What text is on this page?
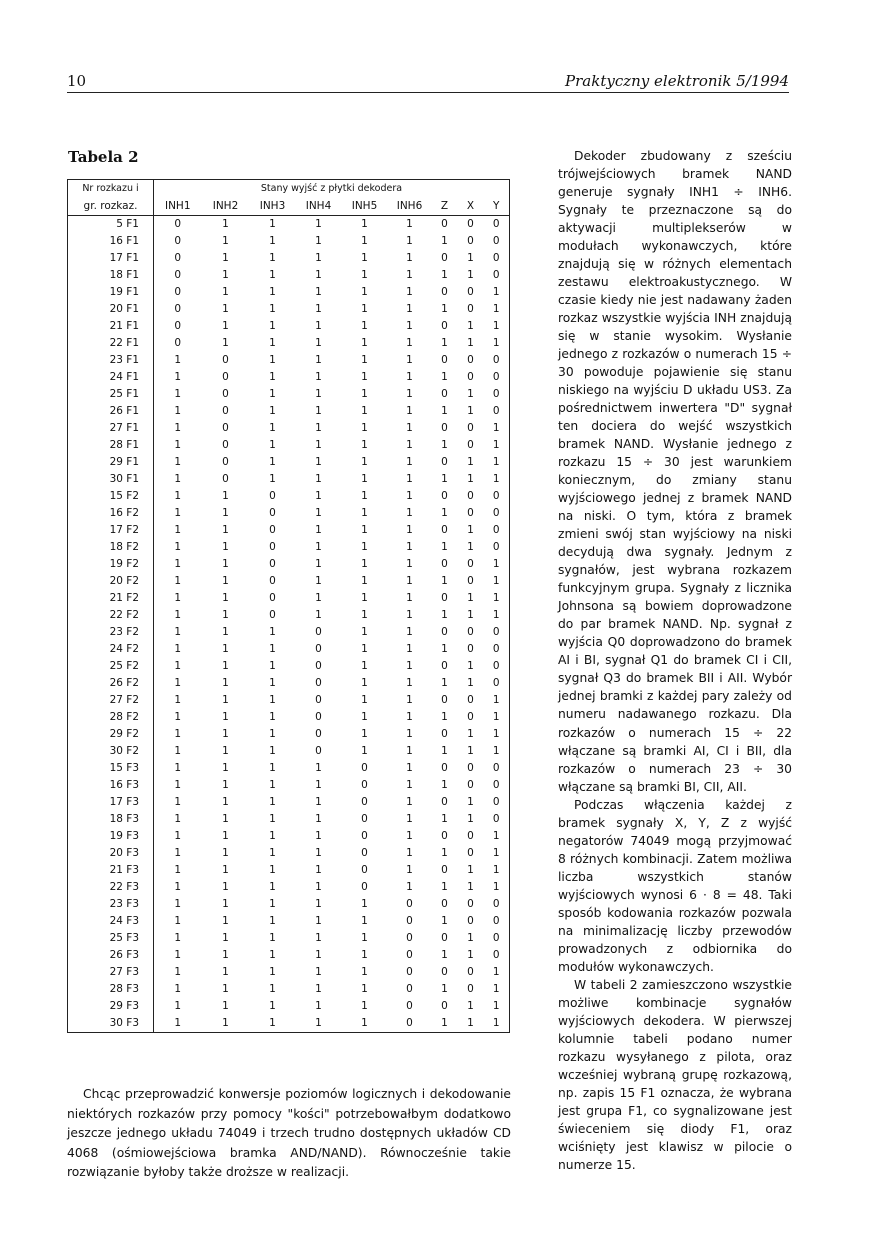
10	Praktyczny elektronik 5/1994
Tabela 2
Nr rozkazu i	Stany wyjść z płytki dekodera								
gr. rozkaz.	INH1	INH2	INH3	INH4	INH5	INH6	Z	X	Y
5 F1	0	1	1	1	1	1	0	0	0
16 F1	0	1	1	1	1	1	1	0	0
17 F1	0	1	1	1	1	1	0	1	0
18 F1	0	1	1	1	1	1	1	1	0
19 F1	0	1	1	1	1	1	0	0	1
20 F1	0	1	1	1	1	1	1	0	1
21 F1	0	1	1	1	1	1	0	1	1
22 F1	0	1	1	1	1	1	1	1	1
23 F1	1	0	1	1	1	1	0	0	0
24 F1	1	0	1	1	1	1	1	0	0
25 F1	1	0	1	1	1	1	0	1	0
26 F1	1	0	1	1	1	1	1	1	0
27 F1	1	0	1	1	1	1	0	0	1
28 F1	1	0	1	1	1	1	1	0	1
29 F1	1	0	1	1	1	1	0	1	1
30 F1	1	0	1	1	1	1	1	1	1
15 F2	1	1	0	1	1	1	0	0	0
16 F2	1	1	0	1	1	1	1	0	0
17 F2	1	1	0	1	1	1	0	1	0
18 F2	1	1	0	1	1	1	1	1	0
19 F2	1	1	0	1	1	1	0	0	1
20 F2	1	1	0	1	1	1	1	0	1
21 F2	1	1	0	1	1	1	0	1	1
22 F2	1	1	0	1	1	1	1	1	1
23 F2	1	1	1	0	1	1	0	0	0
24 F2	1	1	1	0	1	1	1	0	0
25 F2	1	1	1	0	1	1	0	1	0
26 F2	1	1	1	0	1	1	1	1	0
27 F2	1	1	1	0	1	1	0	0	1
28 F2	1	1	1	0	1	1	1	0	1
29 F2	1	1	1	0	1	1	0	1	1
30 F2	1	1	1	0	1	1	1	1	1
15 F3	1	1	1	1	0	1	0	0	0
16 F3	1	1	1	1	0	1	1	0	0
17 F3	1	1	1	1	0	1	0	1	0
18 F3	1	1	1	1	0	1	1	1	0
19 F3	1	1	1	1	0	1	0	0	1
20 F3	1	1	1	1	0	1	1	0	1
21 F3	1	1	1	1	0	1	0	1	1
22 F3	1	1	1	1	0	1	1	1	1
23 F3	1	1	1	1	1	0	0	0	0
24 F3	1	1	1	1	1	0	1	0	0
25 F3	1	1	1	1	1	0	0	1	0
26 F3	1	1	1	1	1	0	1	1	0
27 F3	1	1	1	1	1	0	0	0	1
28 F3	1	1	1	1	1	0	1	0	1
29 F3	1	1	1	1	1	0	0	1	1
30 F3	1	1	1	1	1	0	1	1	1
Chcąc przeprowadzić konwersje poziomów logicznych i dekodowanie niektórych rozkazów przy pomocy "kości" potrzebowałbym dodatkowo jeszcze jednego układu 74049 i trzech trudno dostępnych układów CD 4068 (ośmiowejściowa bramka AND/NAND). Równocześnie takie rozwiązanie byłoby także droższe w realizacji.

Dekoder zbudowany z sześciu trójwejściowych bramek NAND generuje sygnały INH1 ÷ INH6. Sygnały te przeznaczone są do aktywacji multiplekserów w modułach wykonawczych, które znajdują się w różnych elementach zestawu elektroakustycznego. W czasie kiedy nie jest nadawany żaden rozkaz wszystkie wyjścia INH znajdują się w stanie wysokim. Wysłanie jednego z rozkazów o numerach 15 ÷ 30 powoduje pojawienie się stanu niskiego na wyjściu D układu US3. Za pośrednictwem inwertera "D" sygnał ten dociera do wejść wszystkich bramek NAND. Wysłanie jednego z rozkazu 15 ÷ 30 jest warunkiem koniecznym, do zmiany stanu wyjściowego jednej z bramek NAND na niski. O tym, która z bramek zmieni swój stan wyjściowy na niski decydują dwa sygnały. Jednym z sygnałów, jest wybrana rozkazem funkcyjnym grupa. Sygnały z licznika Johnsona są bowiem doprowadzone do par bramek NAND. Np. sygnał z wyjścia Q0 doprowadzono do bramek AI i BI, sygnał Q1 do bramek CI i CII, sygnał Q3 do bramek BII i AII. Wybór jednej bramki z każdej pary zależy od numeru nadawanego rozkazu. Dla rozkazów o numerach 15 ÷ 22 włączane są bramki AI, CI i BII, dla rozkazów o numerach 23 ÷ 30 włączane są bramki BI, CII, AII.

Podczas włączenia każdej z bramek sygnały X, Y, Z z wyjść negatorów 74049 mogą przyjmować 8 różnych kombinacji. Zatem możliwa liczba wszystkich stanów wyjściowych wynosi 6 · 8 = 48. Taki sposób kodowania rozkazów pozwala na minimalizację liczby przewodów prowadzonych z odbiornika do modułów wykonawczych.

W tabeli 2 zamieszczono wszystkie możliwe kombinacje sygnałów wyjściowych dekodera. W pierwszej kolumnie tabeli podano numer rozkazu wysyłanego z pilota, oraz wcześniej wybraną grupę rozkazową, np. zapis 15 F1 oznacza, że wybrana jest grupa F1, co sygnalizowane jest świeceniem się diody F1, oraz wciśnięty jest klawisz w pilocie o numerze 15.
